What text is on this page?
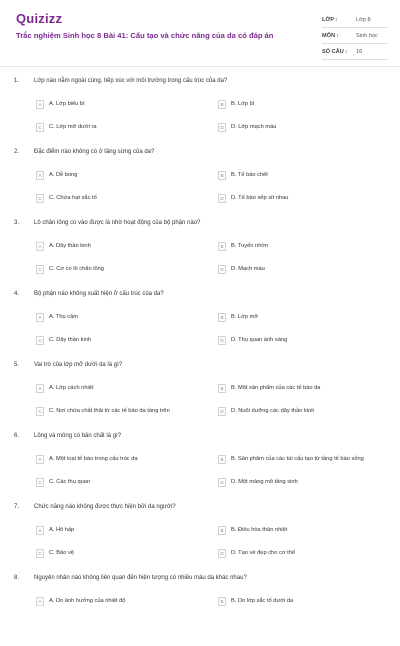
Quizizz
Trắc nghiệm Sinh học 8 Bài 41: Cấu tạo và chức năng của da có đáp án
LỚP :	Lớp 8
MÔN :	Sinh học
SỐ CÂU :	16
1.	Lớp nào nằm ngoài cùng, tiếp xúc với môi trường trong cấu trúc của da?
A	A. Lớp biểu bì	B	B. Lớp bì
C	C. Lớp mỡ dưới ra	D	D. Lớp mạch máu
2.	Đặc điểm nào không có ở tầng sừng của da?
A	A. Dễ bong	B	B. Tế bào chết
C	C. Chứa hạt sắc tố	D	D. Tế bào xếp sít nhau
3.	Lô chân lông co vào được là nhờ hoạt động của bộ phận nào?
A	A. Dây thần kinh	B	B. Tuyến nhờn
C	C. Cơ co lô chân lông	D	D. Mạch máu
4.	Bộ phận nào không xuất hiện ở cấu trúc của da?
A	A. Thụ cảm	B	B. Lớp mỡ
C	C. Dây thần kinh	D	D. Thụ quan ánh sáng
5.	Vai trò của lớp mỡ dưới da là gì?
A	A. Lớp cách nhiệt	B	B. Một sản phẩm của các tế bào da
C	C. Nơi chứa chất thải từ các tế bào da tầng trên	D	D. Nuôi dưỡng các dây thần kinh
6.	Lông và móng có bản chất là gì?
A	A. Một loại tế bào trong cấu trúc da	B	B. Sản phẩm của các túi cấu tạo từ tầng tế bào sống
C	C. Các thụ quan	D	D. Một mảng mô tầng sinh
7.	Chức năng nào không được thực hiện bởi da người?
A	A. Hô hấp	B	B. Điều hòa thân nhiệt
C	C. Bảo vệ	D	D. Tạo vẻ đẹp cho cơ thể
8.	Nguyên nhân nào không liên quan đến hiện tượng có nhiều màu da khác nhau?
A	A. Do ảnh hưởng của nhiệt độ	B	B. Do lớp sắc tố dưới da
